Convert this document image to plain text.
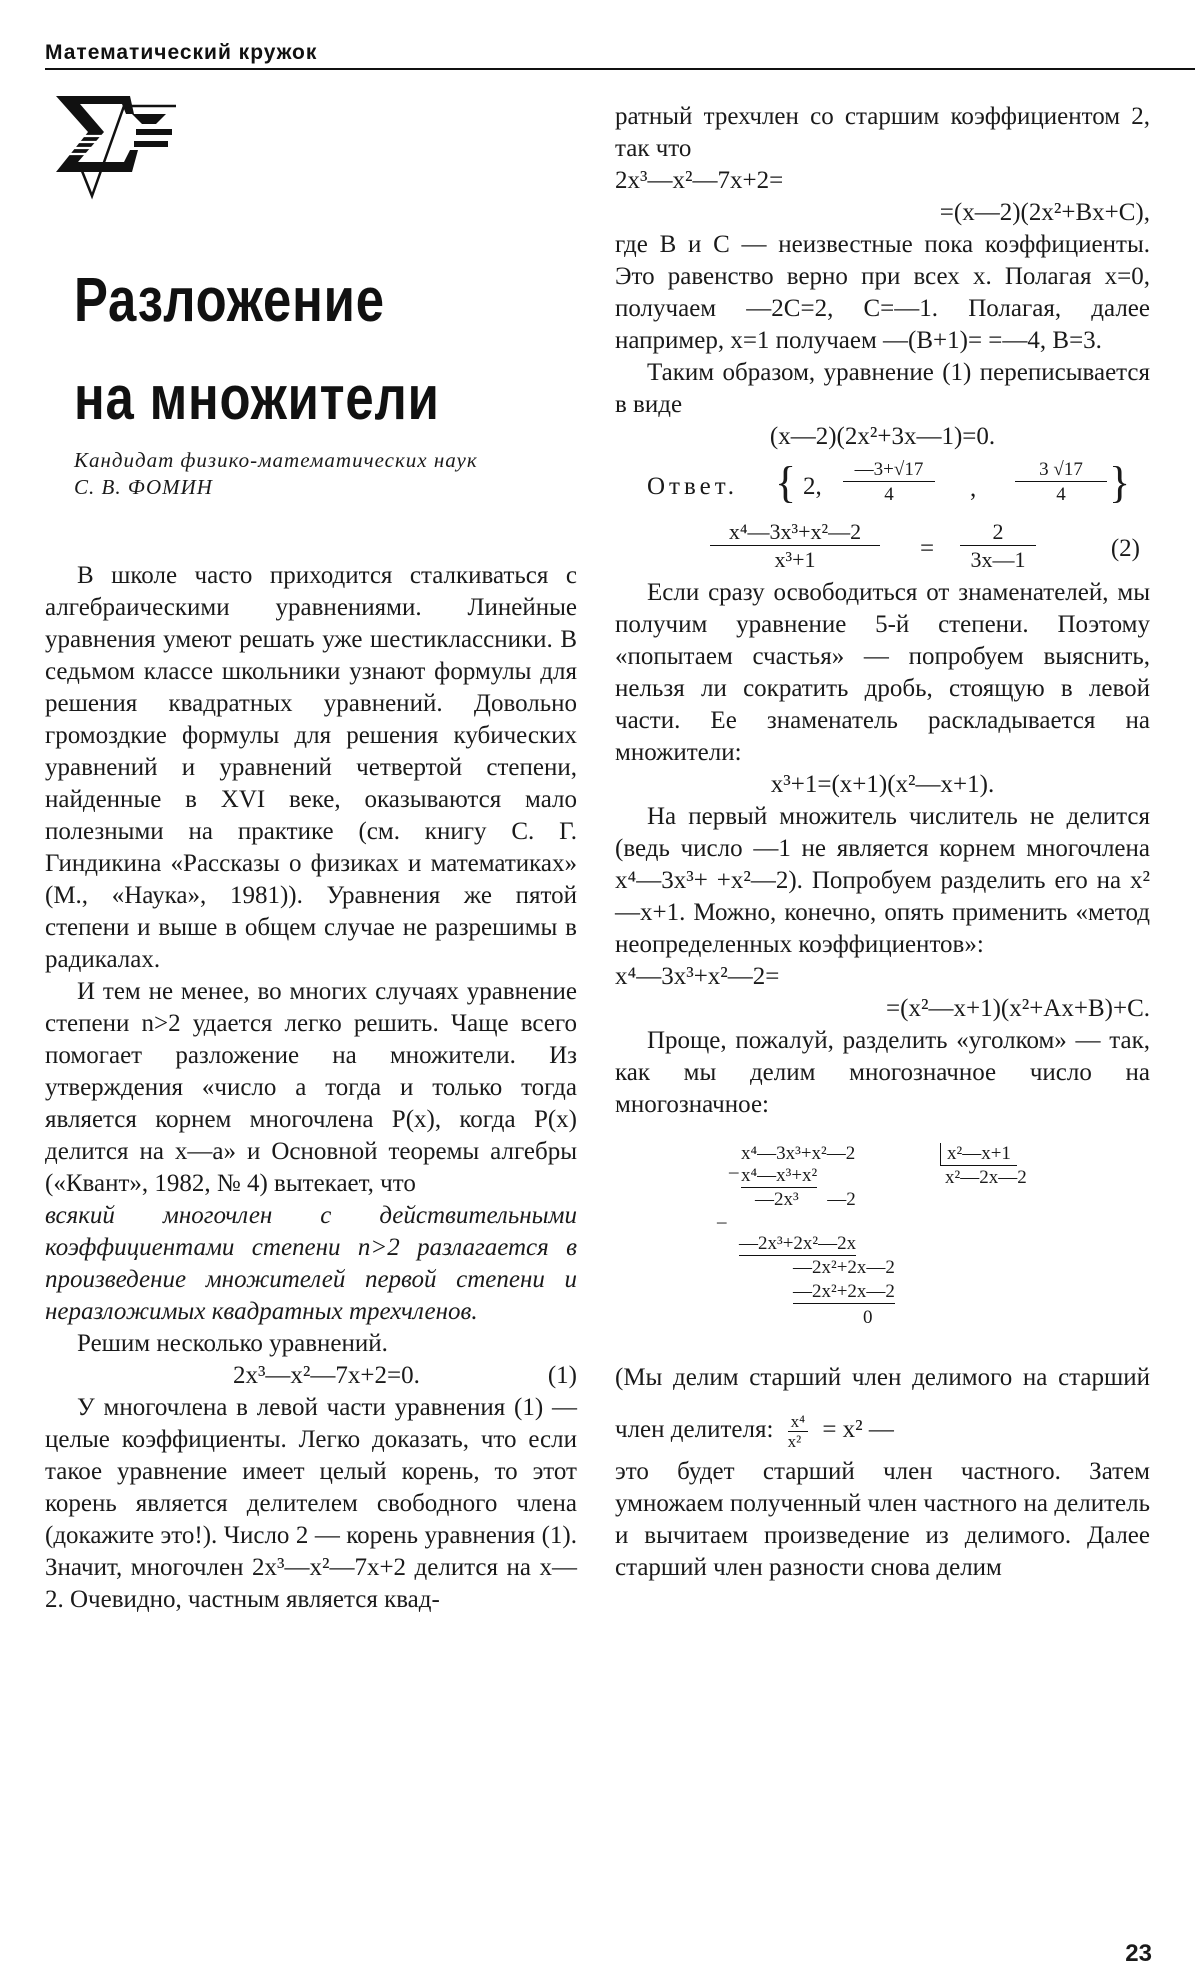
Математический кружок
Разложение
на множители
Кандидат физико-математических наук
С. В. ФОМИН
В школе часто приходится сталкиваться с алгебраическими уравнениями. Линейные уравнения умеют решать уже шестиклассники. В седьмом классе школьники узнают формулы для решения квадратных уравнений. Довольно громоздкие формулы для решения кубических уравнений и уравнений четвертой степени, найденные в XVI веке, оказываются мало полезными на практике (см. книгу С. Г. Гиндикина «Рассказы о физиках и математиках» (М., «Наука», 1981)). Уравнения же пятой степени и выше в общем случае не разрешимы в радикалах.
И тем не менее, во многих случаях уравнение степени n>2 удается легко решить. Чаще всего помогает разложение на множители. Из утверждения «число a тогда и только тогда является корнем многочлена P(x), когда P(x) делится на x—a» и Основной теоремы алгебры («Квант», 1982, № 4) вытекает, что
всякий многочлен с действительными коэффициентами степени n>2 разлагается в произведение множителей первой степени и неразложимых квадратных трехчленов.
Решим несколько уравнений.
2x³—x²—7x+2=0.	(1)
У многочлена в левой части уравнения (1) — целые коэффициенты. Легко доказать, что если такое уравнение имеет целый корень, то этот корень является делителем свободного члена (докажите это!). Число 2 — корень уравнения (1). Значит, многочлен 2x³—x²—7x+2 делится на x—2. Очевидно, частным является квад-
ратный трехчлен со старшим коэффициентом 2, так что
2x³—x²—7x+2=
=(x—2)(2x²+Bx+C),
где B и C — неизвестные пока коэффициенты. Это равенство верно при всех x. Полагая x=0, получаем —2C=2, C=—1. Полагая, далее например, x=1 получаем —(B+1)= =—4, B=3.
Таким образом, уравнение (1) переписывается в виде
(x—2)(2x²+3x—1)=0.
Ответ. { 2,
—3+√17
4	,
3 √17
4 }
x⁴—3x³+x²—2
x³+1	=
2
3x—1	(2)
Если сразу освободиться от знаменателей, мы получим уравнение 5-й степени. Поэтому «попытаем счастья» — попробуем выяснить, нельзя ли сократить дробь, стоящую в левой части. Ее знаменатель раскладывается на множители:
x³+1=(x+1)(x²—x+1).
На первый множитель числитель не делится (ведь число —1 не является корнем многочлена x⁴—3x³+ +x²—2). Попробуем разделить его на x²—x+1. Можно, конечно, опять применить «метод неопределенных коэффициентов»:
x⁴—3x³+x²—2=
=(x²—x+1)(x²+Ax+B)+C.
Проще, пожалуй, разделить «уголком» — так, как мы делим многозначное число на многозначное:
_
x⁴—3x³+x²—2	x²—x+1
x⁴—x³+x²	x²—2x—2
—2x³      —2
_
—2x³+2x²—2x
—2x²+2x—2
—2x²+2x—2
0
(Мы делим старший член делимого на старший член делителя: $\frac{\text{x⁴}}{\text{x²}} = x^2$ —
это будет старший член частного. Затем умножаем полученный член частного на делитель и вычитаем произведение из делимого. Далее старший член разности снова делим
23
